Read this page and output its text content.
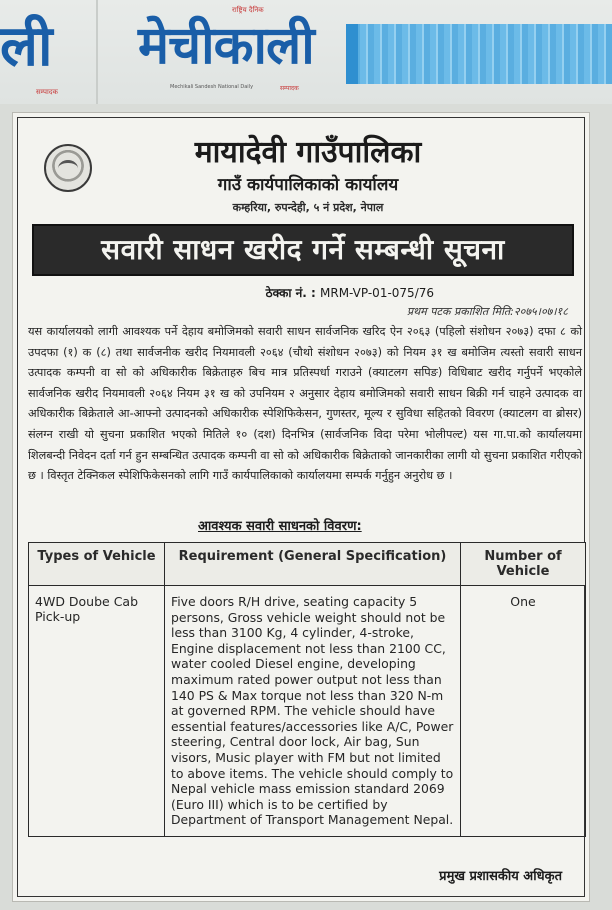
ली
सम्पादक
राष्ट्रिय दैनिक
मेचीकाली
Mechikali Sandesh National Daily	सम्पादक
मायादेवी गाउँपालिका
गाउँ कार्यपालिकाको कार्यालय
कम्हरिया, रुपन्देही, ५ नं प्रदेश, नेपाल
सवारी साधन खरीद गर्ने सम्बन्धी सूचना
ठेक्का नं. : MRM-VP-01-075/76
प्रथम पटक प्रकाशित मिति:२०७५।०७।१८
यस कार्यालयको लागी आवश्यक पर्ने देहाय बमोजिमको सवारी साधन सार्वजनिक खरिद ऐन २०६३ (पहिलो संशोधन २०७३) दफा ८ को उपदफा (१) क (८) तथा सार्वजनीक खरीद नियमावली २०६४ (चौथो संशोधन २०७३) को नियम ३१ ख बमोजिम त्यस्तो सवारी साधन उत्पादक कम्पनी वा सो को अधिकारीक बिक्रेताहरु बिच मात्र प्रतिस्पर्धा गराउने (क्याटलग सपिङ) विधिबाट खरीद गर्नुपर्ने भएकोले सार्वजनिक खरीद नियमावली २०६४ नियम ३१ ख को उपनियम २ अनुसार देहाय बमोजिमको सवारी साधन बिक्री गर्न चाहने उत्पादक वा अधिकारीक बिक्रेताले आ-आफ्नो उत्पादनको अधिकारीक स्पेशिफिकेसन, गुणस्तर, मूल्य र सुविधा सहितको विवरण (क्याटलग वा ब्रोसर) संलग्न राखी यो सुचना प्रकाशित भएको मितिले १० (दश) दिनभित्र (सार्वजनिक विदा परेमा भोलीपल्ट) यस गा.पा.को कार्यालयमा शिलबन्दी निवेदन दर्ता गर्न हुन सम्बन्धित उत्पादक कम्पनी वा सो को अधिकारीक बिक्रेताको जानकारीका लागी यो सुचना प्रकाशित गरीएको छ । विस्तृत टेक्निकल स्पेशिफिकेसनको लागि गाउँ कार्यपालिकाको कार्यालयमा सम्पर्क गर्नुहुन अनुरोध छ ।
आवश्यक सवारी साधनको विवरण:
Types of Vehicle	Requirement (General Specification)	Number of Vehicle
4WD Doube Cab Pick-up	Five doors R/H drive, seating capacity 5 persons, Gross vehicle weight should not be less than 3100 Kg, 4 cylinder, 4-stroke, Engine displacement not less than 2100 CC, water cooled Diesel engine, developing maximum rated power output not less than 140 PS & Max torque not less than 320 N-m at governed RPM. The vehicle should have essential features/accessories like A/C, Power steering, Central door lock, Air bag, Sun visors, Music player with FM but not limited to above items. The vehicle should comply to Nepal vehicle mass emission standard 2069 (Euro III) which is to be certified by Department of Transport Management Nepal.	One
प्रमुख प्रशासकीय अधिकृत
